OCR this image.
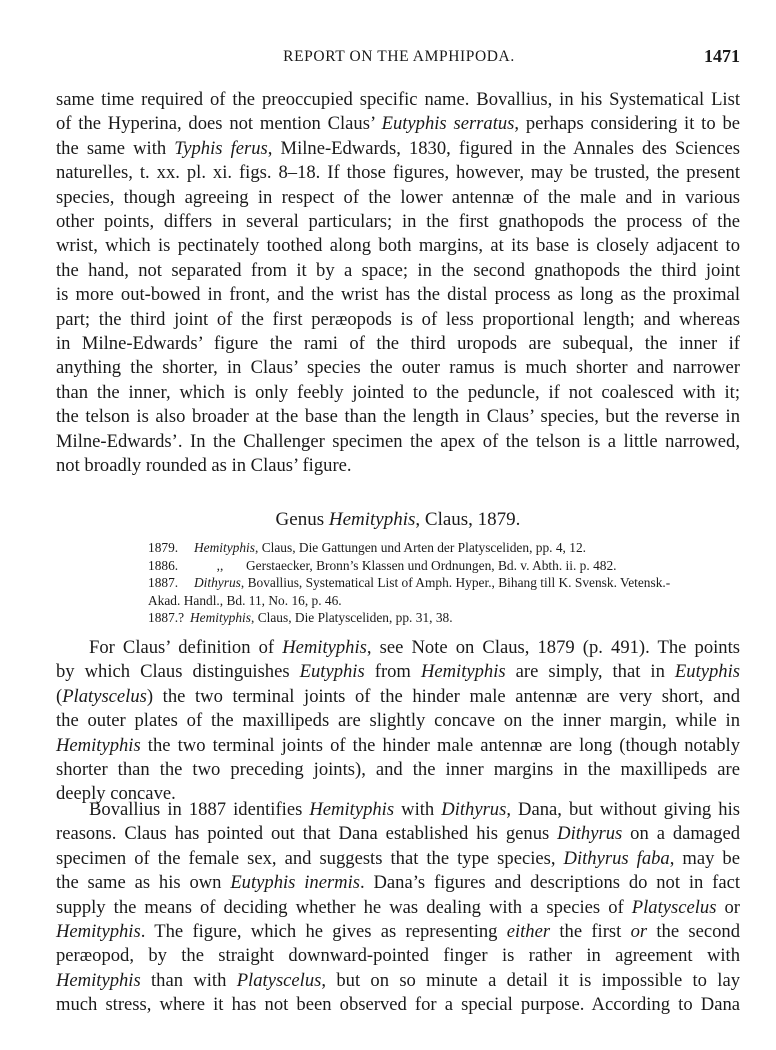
REPORT ON THE AMPHIPODA.	1471
same time required of the preoccupied specific name. Bovallius, in his Systematical List
of the Hyperina, does not mention Claus’ Eutyphis serratus, perhaps considering it to be
the same with Typhis ferus, Milne-Edwards, 1830, figured in the Annales des Sciences
naturelles, t. xx. pl. xi. figs. 8–18. If those figures, however, may be trusted, the present
species, though agreeing in respect of the lower antennæ of the male and in various
other points, differs in several particulars; in the first gnathopods the process of the
wrist, which is pectinately toothed along both margins, at its base is closely adjacent to
the hand, not separated from it by a space; in the second gnathopods the third joint
is more out-bowed in front, and the wrist has the distal process as long as the proximal
part; the third joint of the first peræopods is of less proportional length; and whereas
in Milne-Edwards’ figure the rami of the third uropods are subequal, the inner if
anything the shorter, in Claus’ species the outer ramus is much shorter and narrower
than the inner, which is only feebly jointed to the peduncle, if not coalesced with it;
the telson is also broader at the base than the length in Claus’ species, but the reverse in
Milne-Edwards’. In the Challenger specimen the apex of the telson is a little narrowed,
not broadly rounded as in Claus’ figure.
Genus Hemityphis, Claus, 1879.
1879. Hemityphis, Claus, Die Gattungen und Arten der Platysceliden, pp. 4, 12.
1886.	,, Gerstaecker, Bronn’s Klassen und Ordnungen, Bd. v. Abth. ii. p. 482.
1887. Dithyrus, Bovallius, Systematical List of Amph. Hyper., Bihang till K. Svensk. Vetensk.-
Akad. Handl., Bd. 11, No. 16, p. 46.
1887.? Hemityphis, Claus, Die Platysceliden, pp. 31, 38.
For Claus’ definition of Hemityphis, see Note on Claus, 1879 (p. 491). The points
by which Claus distinguishes Eutyphis from Hemityphis are simply, that in Eutyphis
(Platyscelus) the two terminal joints of the hinder male antennæ are very short, and
the outer plates of the maxillipeds are slightly concave on the inner margin, while in
Hemityphis the two terminal joints of the hinder male antennæ are long (though notably
shorter than the two preceding joints), and the inner margins in the maxillipeds are
deeply concave.
Bovallius in 1887 identifies Hemityphis with Dithyrus, Dana, but without giving his
reasons. Claus has pointed out that Dana established his genus Dithyrus on a damaged
specimen of the female sex, and suggests that the type species, Dithyrus faba, may be
the same as his own Eutyphis inermis. Dana’s figures and descriptions do not in fact
supply the means of deciding whether he was dealing with a species of Platyscelus or
Hemityphis. The figure, which he gives as representing either the first or the second
peræopod, by the straight downward-pointed finger is rather in agreement with
Hemityphis than with Platyscelus, but on so minute a detail it is impossible to lay
much stress, where it has not been observed for a special purpose. According to Dana
